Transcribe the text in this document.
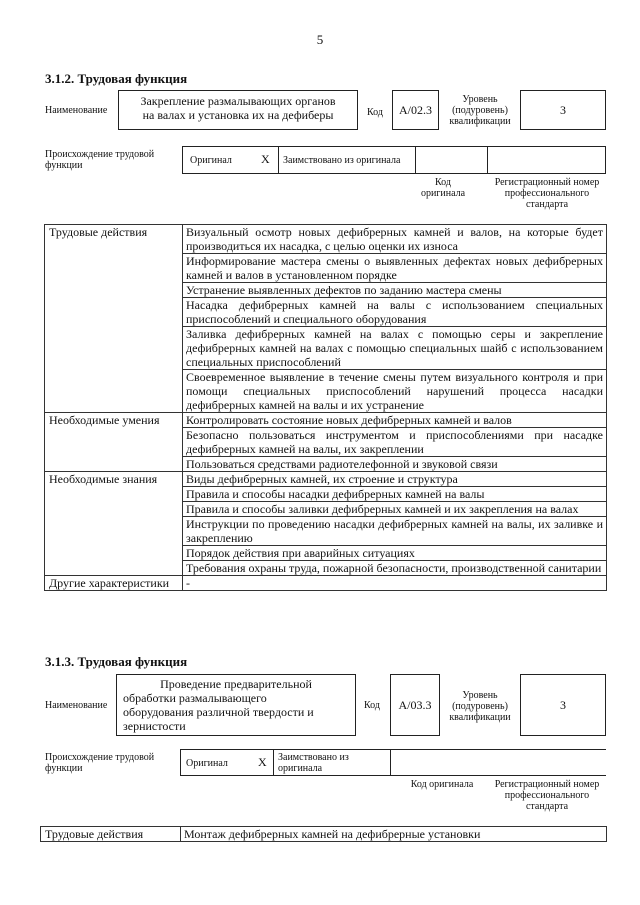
5
3.1.2. Трудовая функция
Наименование
Закрепление размалывающих органов
на валах и установка их на дефиберы	Код	А/02.3
Уровень
(подуровень)
квалификации
3
Происхождение трудовой
функции	Оригинал X Заимствовано из оригинала
Код
оригинала
Регистрационный номер
профессионального
стандарта
Трудовые действия	Визуальный осмотр новых дефибрерных камней и валов, на которые будет производиться их насадка, с целью оценки их износа
	Информирование мастера смены о выявленных дефектах новых дефибрерных камней и валов в установленном порядке
	Устранение выявленных дефектов по заданию мастера смены
	Насадка дефибрерных камней на валы с использованием специальных приспособлений и специального оборудования
	Заливка дефибрерных камней на валах с помощью серы и закрепление дефибрерных камней на валах с помощью специальных шайб с использованием специальных приспособлений
	Своевременное выявление в течение смены путем визуального контроля и при помощи специальных приспособлений нарушений процесса насадки дефибрерных камней на валы и их устранение
Необходимые умения	Контролировать состояние новых дефибрерных камней и валов
	Безопасно пользоваться инструментом и приспособлениями при насадке дефибрерных камней на валы, их закреплении
	Пользоваться средствами радиотелефонной и звуковой связи
Необходимые знания	Виды дефибрерных камней, их строение и структура
	Правила и способы насадки дефибрерных камней на валы
	Правила и способы заливки дефибрерных камней и их закрепления на валах
	Инструкции по проведению насадки дефибрерных камней на валы, их заливке и закреплению
	Порядок действия при аварийных ситуациях
	Требования охраны труда, пожарной безопасности, производственной санитарии
Другие характеристики	-
3.1.3. Трудовая функция
Наименование
Проведение предварительной
обработки размалывающего
оборудования различной твердости и
зернистости
Код	А/03.3
Уровень
(подуровень)
квалификации
3
Происхождение трудовой
функции	Оригинал	X Заимствовано из
оригинала
Код оригинала	Регистрационный номер
профессионального
стандарта
Трудовые действия	Монтаж дефибрерных камней на дефибрерные установки
